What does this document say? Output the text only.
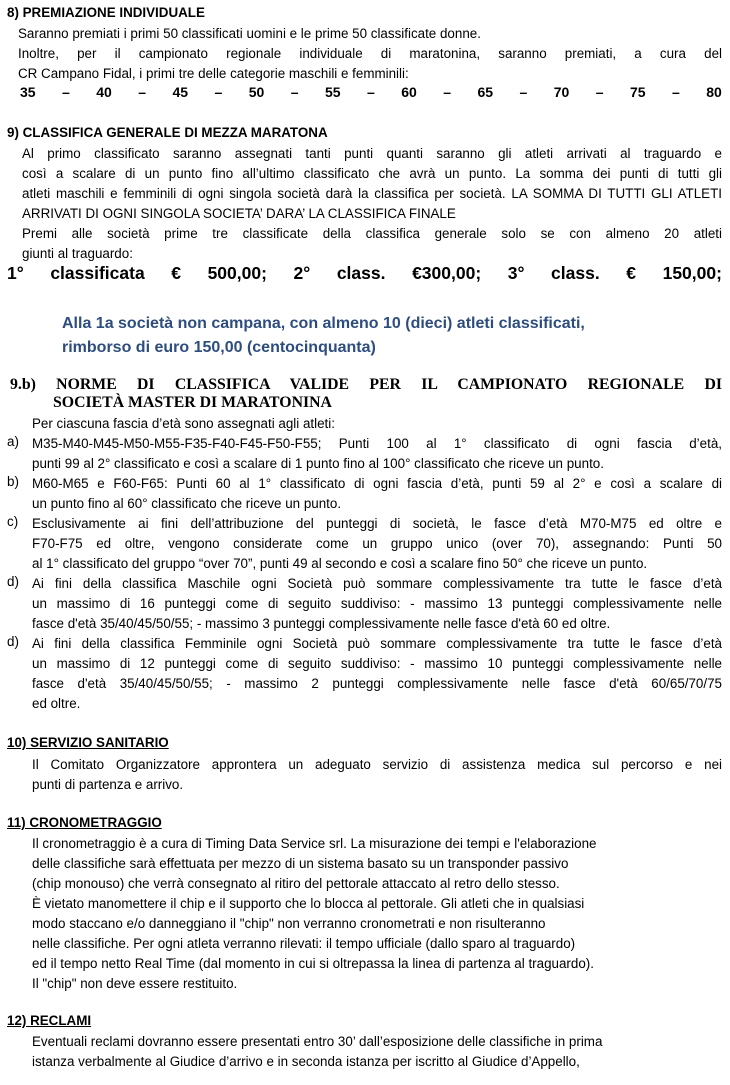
8) PREMIAZIONE INDIVIDUALE
Saranno premiati i primi 50 classificati uomini e le prime 50 classificate donne.
Inoltre, per il campionato regionale individuale di maratonina, saranno premiati, a cura del
CR Campano Fidal, i primi tre delle categorie maschili e femminili:
35 – 40 – 45 – 50 – 55 – 60 – 65 – 70 – 75 – 80
9) CLASSIFICA GENERALE DI MEZZA MARATONA
Al primo classificato saranno assegnati tanti punti quanti saranno gli atleti arrivati al traguardo e
così a scalare di un punto fino all’ultimo classificato che avrà un punto. La somma dei punti di tutti gli
atleti maschili e femminili di ogni singola società darà la classifica per società. LA SOMMA DI TUTTI GLI ATLETI ARRIVATI DI OGNI SINGOLA SOCIETA’ DARA’ LA CLASSIFICA FINALE
Premi alle società prime tre classificate della classifica generale solo se con almeno 20 atleti
giunti al traguardo:
1° classificata € 500,00; 2° class. €300,00; 3° class. € 150,00;
Alla 1a società non campana, con almeno 10 (dieci) atleti classificati,
rimborso di euro 150,00 (centocinquanta)
9.b) NORME DI CLASSIFICA VALIDE PER IL CAMPIONATO REGIONALE DI
SOCIETÀ MASTER DI MARATONINA
Per ciascuna fascia d’età sono assegnati agli atleti:
a) M35-M40-M45-M50-M55-F35-F40-F45-F50-F55; Punti 100 al 1° classificato di ogni fascia d’età,
punti 99 al 2° classificato e così a scalare di 1 punto fino al 100° classificato che riceve un punto.
b) M60-M65 e F60-F65: Punti 60 al 1° classificato di ogni fascia d’età, punti 59 al 2° e così a scalare di
un punto fino al 60° classificato che riceve un punto.
c) Esclusivamente ai fini dell’attribuzione del punteggi di società, le fasce d’età M70-M75 ed oltre e
F70-F75 ed oltre, vengono considerate come un gruppo unico (over 70), assegnando: Punti 50
al 1° classificato del gruppo “over 70”, punti 49 al secondo e così a scalare fino 50° che riceve un punto.
d) Ai fini della classifica Maschile ogni Società può sommare complessivamente tra tutte le fasce d’età
un massimo di 16 punteggi come di seguito suddiviso: - massimo 13 punteggi complessivamente nelle
fasce d'età 35/40/45/50/55; - massimo 3 punteggi complessivamente nelle fasce d'età 60 ed oltre.
d) Ai fini della classifica Femminile ogni Società può sommare complessivamente tra tutte le fasce d’età
un massimo di 12 punteggi come di seguito suddiviso: - massimo 10 punteggi complessivamente nelle
fasce d'età 35/40/45/50/55; - massimo 2 punteggi complessivamente nelle fasce d'età 60/65/70/75
ed oltre.
10) SERVIZIO SANITARIO
Il Comitato Organizzatore approntera un adeguato servizio di assistenza medica sul percorso e nei
punti di partenza e arrivo.
11) CRONOMETRAGGIO
Il cronometraggio è a cura di Timing Data Service srl. La misurazione dei tempi e l'elaborazione
delle classifiche sarà effettuata per mezzo di un sistema basato su un transponder passivo
(chip monouso) che verrà consegnato al ritiro del pettorale attaccato al retro dello stesso.
È vietato manomettere il chip e il supporto che lo blocca al pettorale. Gli atleti che in qualsiasi
modo staccano e/o danneggiano il "chip" non verranno cronometrati e non risulteranno
nelle classifiche. Per ogni atleta verranno rilevati: il tempo ufficiale (dallo sparo al traguardo)
ed il tempo netto Real Time (dal momento in cui si oltrepassa la linea di partenza al traguardo).
Il "chip" non deve essere restituito.
12) RECLAMI
Eventuali reclami dovranno essere presentati entro 30’ dall’esposizione delle classifiche in prima
istanza verbalmente al Giudice d’arrivo e in seconda istanza per iscritto al Giudice d’Appello,
